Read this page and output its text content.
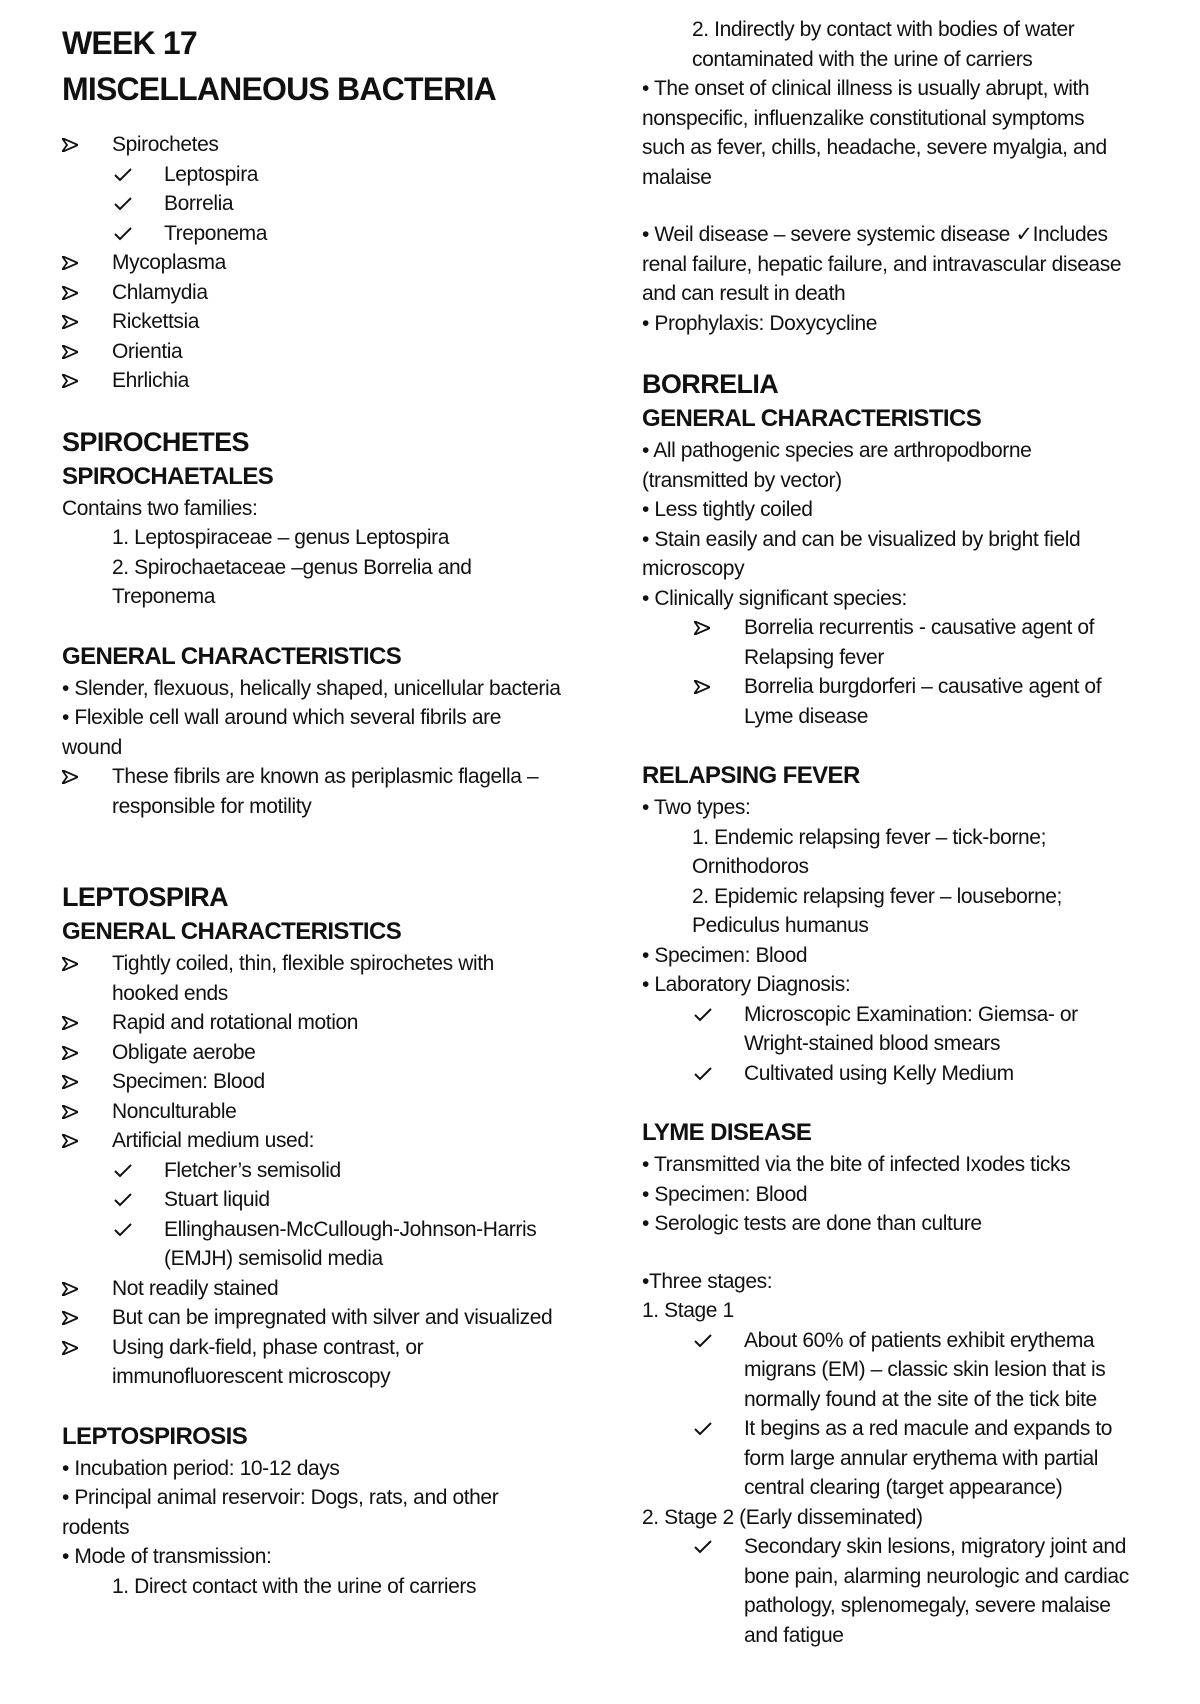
WEEK 17
MISCELLANEOUS BACTERIA
Spirochetes
Leptospira
Borrelia
Treponema
Mycoplasma
Chlamydia
Rickettsia
Orientia
Ehrlichia
SPIROCHETES
SPIROCHAETALES
Contains two families:
1. Leptospiraceae – genus Leptospira
2. Spirochaetaceae –genus Borrelia and
Treponema
GENERAL CHARACTERISTICS
• Slender, flexuous, helically shaped, unicellular bacteria
• Flexible cell wall around which several fibrils are
wound
These fibrils are known as periplasmic flagella –
responsible for motility
LEPTOSPIRA
GENERAL CHARACTERISTICS
Tightly coiled, thin, flexible spirochetes with
hooked ends
Rapid and rotational motion
Obligate aerobe
Specimen: Blood
Nonculturable
Artificial medium used:
Fletcher’s semisolid
Stuart liquid
Ellinghausen-McCullough-Johnson-Harris
(EMJH) semisolid media
Not readily stained
But can be impregnated with silver and visualized
Using dark-field, phase contrast, or
immunofluorescent microscopy
LEPTOSPIROSIS
• Incubation period: 10-12 days
• Principal animal reservoir: Dogs, rats, and other
rodents
• Mode of transmission:
1. Direct contact with the urine of carriers
2. Indirectly by contact with bodies of water
contaminated with the urine of carriers
• The onset of clinical illness is usually abrupt, with
nonspecific, influenzalike constitutional symptoms
such as fever, chills, headache, severe myalgia, and
malaise
• Weil disease – severe systemic disease ✓Includes
renal failure, hepatic failure, and intravascular disease
and can result in death
• Prophylaxis: Doxycycline
BORRELIA
GENERAL CHARACTERISTICS
• All pathogenic species are arthropodborne
(transmitted by vector)
• Less tightly coiled
• Stain easily and can be visualized by bright field
microscopy
• Clinically significant species:
Borrelia recurrentis - causative agent of
Relapsing fever
Borrelia burgdorferi – causative agent of
Lyme disease
RELAPSING FEVER
• Two types:
1. Endemic relapsing fever – tick-borne;
Ornithodoros
2. Epidemic relapsing fever – louseborne;
Pediculus humanus
• Specimen: Blood
• Laboratory Diagnosis:
Microscopic Examination: Giemsa- or
Wright-stained blood smears
Cultivated using Kelly Medium
LYME DISEASE
• Transmitted via the bite of infected Ixodes ticks
• Specimen: Blood
• Serologic tests are done than culture
•Three stages:
1. Stage 1
About 60% of patients exhibit erythema
migrans (EM) – classic skin lesion that is
normally found at the site of the tick bite
It begins as a red macule and expands to
form large annular erythema with partial
central clearing (target appearance)
2. Stage 2 (Early disseminated)
Secondary skin lesions, migratory joint and
bone pain, alarming neurologic and cardiac
pathology, splenomegaly, severe malaise
and fatigue
